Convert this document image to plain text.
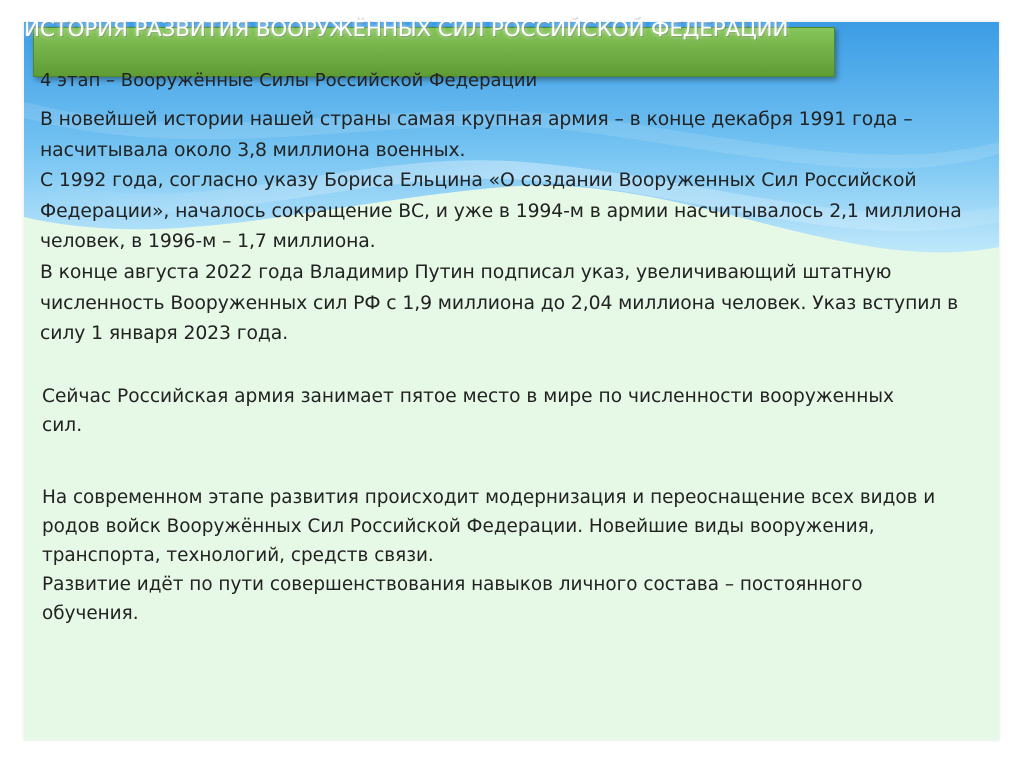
ИСТОРИЯ РАЗВИТИЯ ВООРУЖЁННЫХ СИЛ РОССИЙСКОЙ ФЕДЕРАЦИИ
4 этап – Вооружённые Силы Российской Федерации
В новейшей истории нашей страны самая крупная армия – в конце декабря 1991 года – насчитывала около 3,8 миллиона военных.
С 1992 года, согласно указу Бориса Ельцина «О создании Вооруженных Сил Российской Федерации», началось сокращение ВС, и уже в 1994-м в армии насчитывалось 2,1 миллиона человек, в 1996-м – 1,7 миллиона.
В конце августа 2022 года Владимир Путин подписал указ, увеличивающий штатную численность Вооруженных сил РФ с 1,9 миллиона до 2,04 миллиона человек. Указ вступил в силу 1 января 2023 года.
Сейчас Российская армия занимает пятое место в мире по численности вооруженных сил.
На современном этапе развития происходит модернизация и переоснащение всех видов и родов войск Вооружённых Сил Российской Федерации. Новейшие виды вооружения, транспорта, технологий, средств связи.
Развитие идёт по пути совершенствования навыков личного состава – постоянного обучения.
